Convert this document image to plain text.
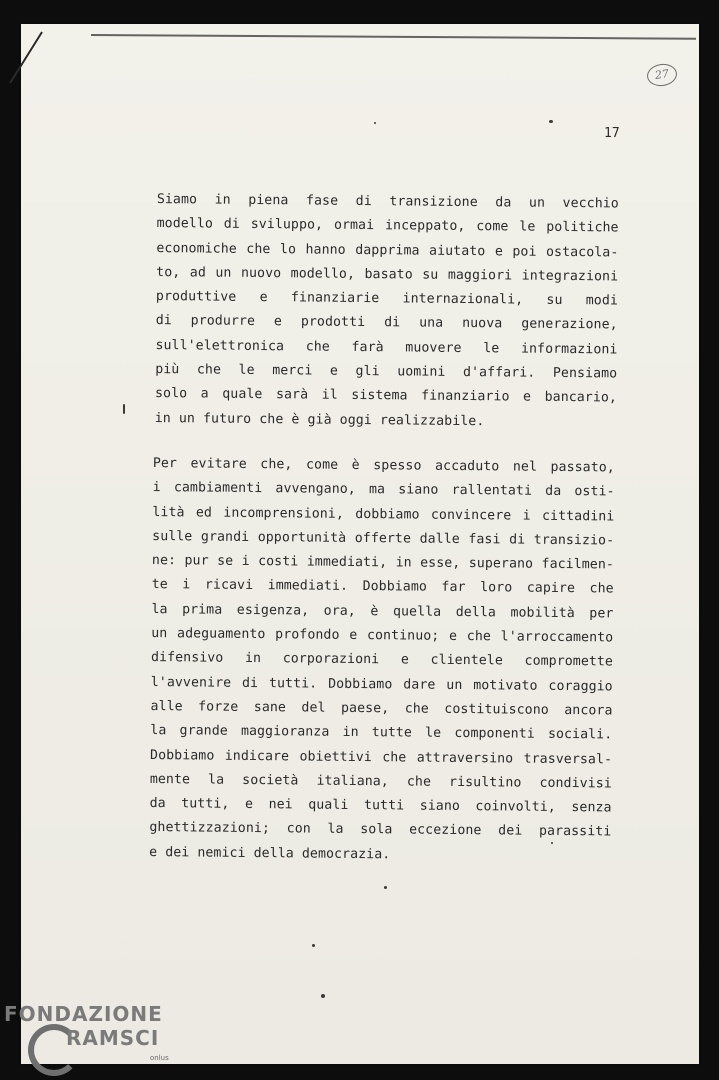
27
17

Siamo in piena fase di transizione da un vecchio
modello di sviluppo, ormai inceppato, come le politiche
economiche che lo hanno dapprima aiutato e poi ostacola-
to, ad un nuovo modello, basato su maggiori integrazioni
produttive e finanziarie internazionali, su modi
di produrre e prodotti di una nuova generazione,
sull'elettronica che farà muovere le informazioni
più che le merci e gli uomini d'affari. Pensiamo
solo a quale sarà il sistema finanziario e bancario,
in un futuro che è già oggi realizzabile.

Per evitare che, come è spesso accaduto nel passato,
i cambiamenti avvengano, ma siano rallentati da osti-
lità ed incomprensioni, dobbiamo convincere i cittadini
sulle grandi opportunità offerte dalle fasi di transizio-
ne: pur se i costi immediati, in esse, superano facilmen-
te i ricavi immediati. Dobbiamo far loro capire che
la prima esigenza, ora, è quella della mobilità per
un adeguamento profondo e continuo; e che l'arroccamento
difensivo in corporazioni e clientele compromette
l'avvenire di tutti. Dobbiamo dare un motivato coraggio
alle forze sane del paese, che costituiscono ancora
la grande maggioranza in tutte le componenti sociali.
Dobbiamo indicare obiettivi che attraversino trasversal-
mente la società italiana, che risultino condivisi
da tutti, e nei quali tutti siano coinvolti, senza
ghettizzazioni; con la sola eccezione dei parassiti
e dei nemici della democrazia.

FONDAZIONE
RAMSCI
onlus
